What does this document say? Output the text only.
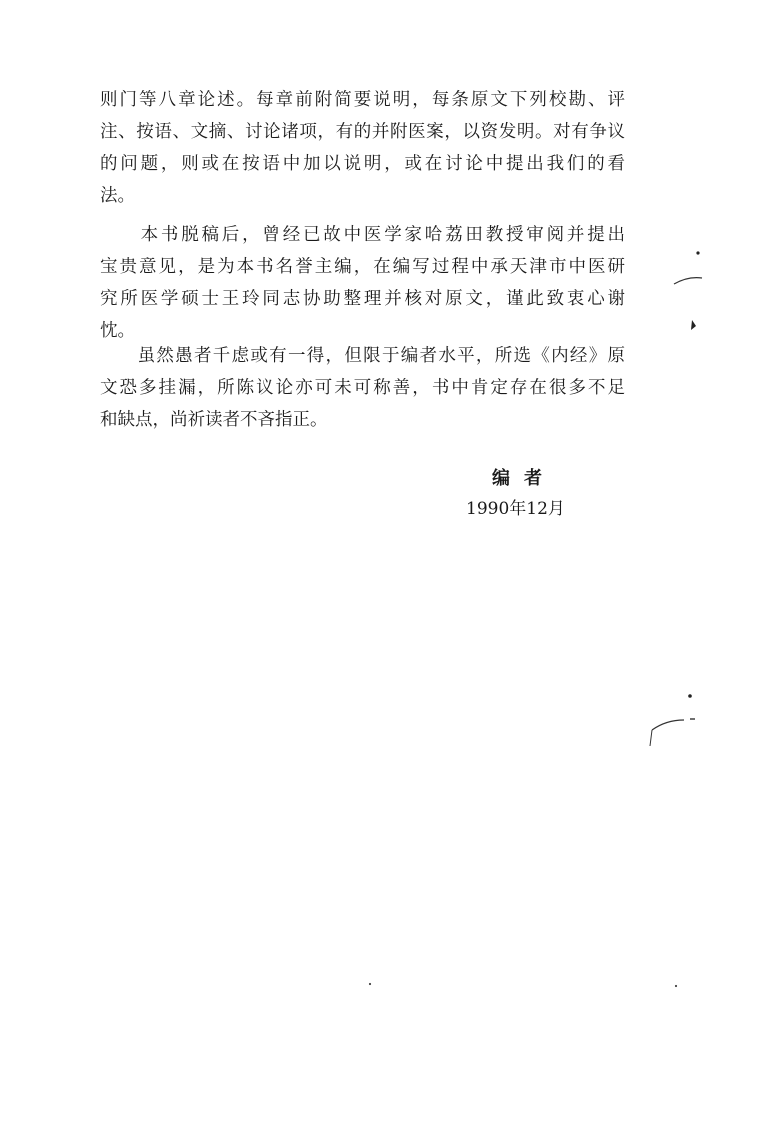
则门等八章论述。每章前附简要说明，每条原文下列校勘、评
注、按语、文摘、讨论诸项，有的并附医案，以资发明。对有争议
的问题，则或在按语中加以说明，或在讨论中提出我们的看
法。
　　本书脱稿后，曾经已故中医学家哈荔田教授审阅并提出
宝贵意见，是为本书名誉主编，在编写过程中承天津市中医研
究所医学硕士王玲同志协助整理并核对原文，谨此致衷心谢
忱。
　　虽然愚者千虑或有一得，但限于编者水平，所选《内经》原
文恐多挂漏，所陈议论亦可未可称善，书中肯定存在很多不足
和缺点，尚祈读者不吝指正。
编者
1990年12月
